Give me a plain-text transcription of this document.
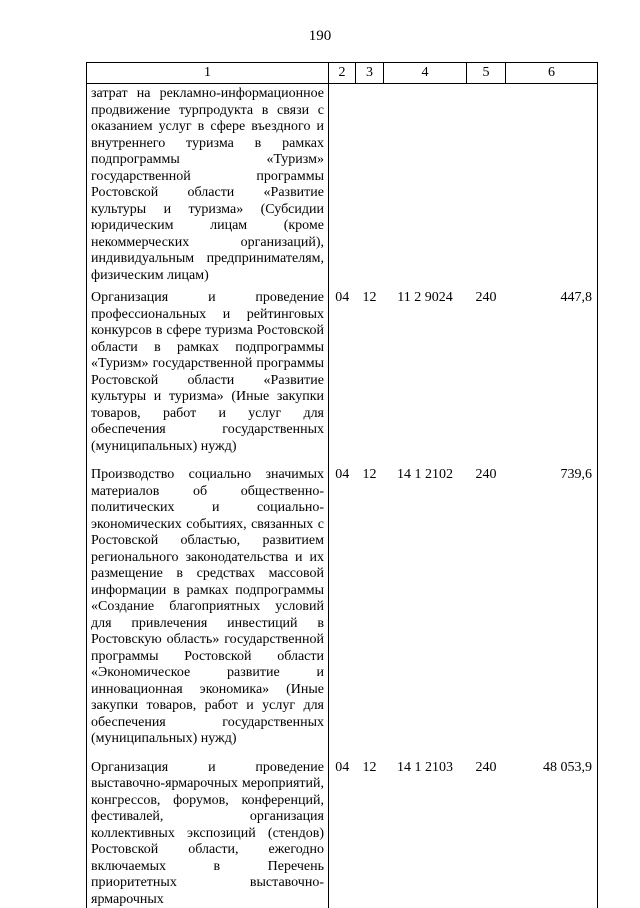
190
1	2	3	4	5	6
затрат на рекламно-информационное продвижение турпродукта в связи с оказанием услуг в сфере въездного и внутреннего туризма в рамках подпрограммы «Туризм» государственной программы Ростовской области «Развитие культуры и туризма» (Субсидии юридическим лицам (кроме некоммерческих организаций), индивидуальным предпринимателям, физическим лицам)					
Организация и проведение профессиональных и рейтинговых конкурсов в сфере туризма Ростовской области в рамках подпрограммы «Туризм» государственной программы Ростовской области «Развитие культуры и туризма» (Иные закупки товаров, работ и услуг для обеспечения государственных (муниципальных) нужд)	04	12	11 2 9024	240	447,8
Производство социально значимых материалов об общественно-политических и социально-экономических событиях, связанных с Ростовской областью, развитием регионального законодательства и их размещение в средствах массовой информации в рамках подпрограммы «Создание благоприятных условий для привлечения инвестиций в Ростовскую область» государственной программы Ростовской области «Экономическое развитие и инновационная экономика» (Иные закупки товаров, работ и услуг для обеспечения государственных (муниципальных) нужд)	04	12	14 1 2102	240	739,6
Организация и проведение выставочно-ярмарочных мероприятий, конгрессов, форумов, конференций, фестивалей, организация коллективных экспозиций (стендов) Ростовской области, ежегодно включаемых в Перечень приоритетных выставочно-ярмарочных	04	12	14 1 2103	240	48 053,9
